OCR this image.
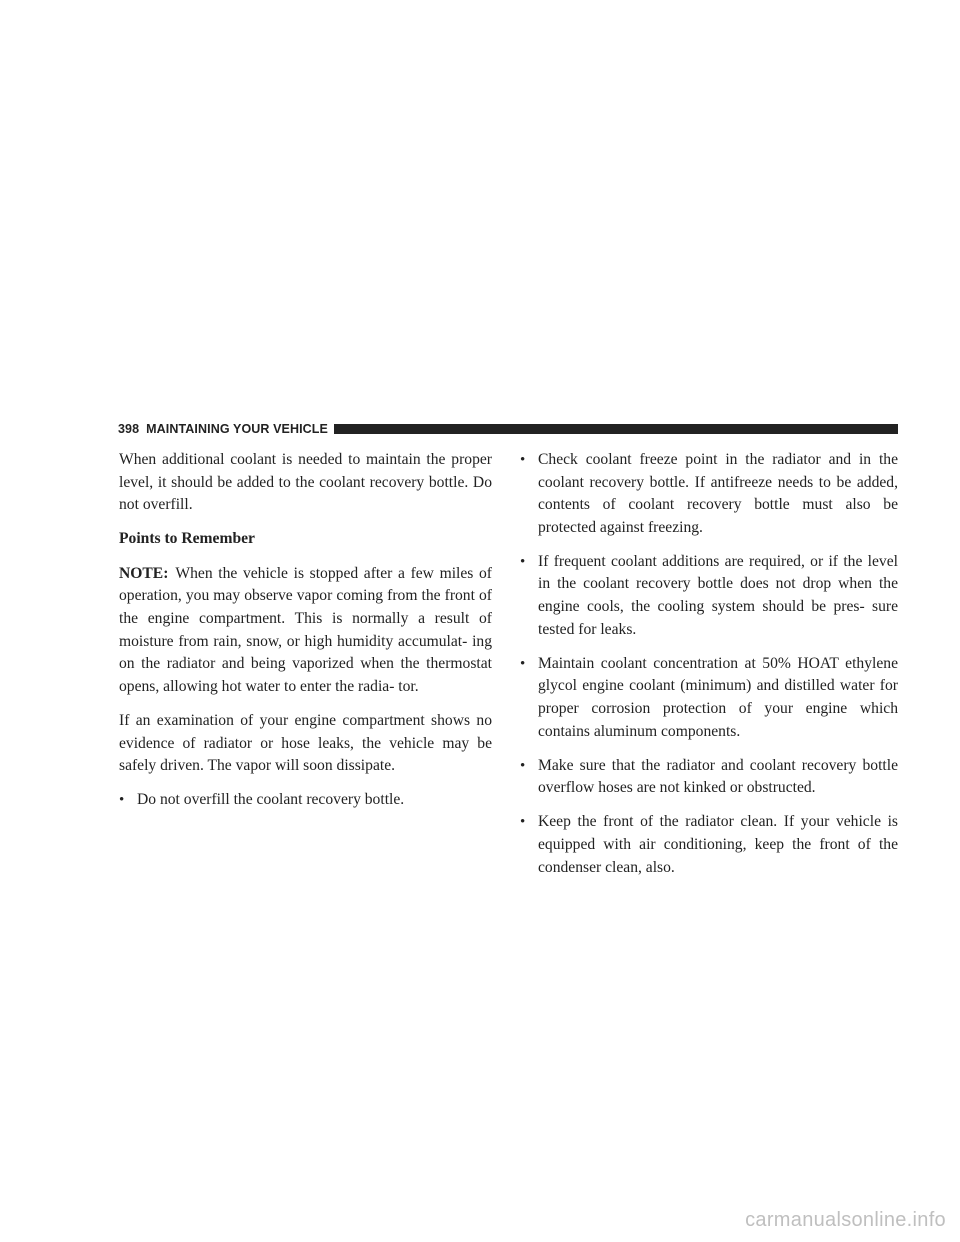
398 MAINTAINING YOUR VEHICLE

When additional coolant is needed to maintain the proper level, it should be added to the coolant recovery bottle. Do not overfill.

Points to Remember

NOTE: When the vehicle is stopped after a few miles of operation, you may observe vapor coming from the front of the engine compartment. This is normally a result of moisture from rain, snow, or high humidity accumulat- ing on the radiator and being vaporized when the thermostat opens, allowing hot water to enter the radia- tor.

If an examination of your engine compartment shows no evidence of radiator or hose leaks, the vehicle may be safely driven. The vapor will soon dissipate.

• Do not overfill the coolant recovery bottle.
• Check coolant freeze point in the radiator and in the coolant recovery bottle. If antifreeze needs to be added, contents of coolant recovery bottle must also be protected against freezing.
• If frequent coolant additions are required, or if the level in the coolant recovery bottle does not drop when the engine cools, the cooling system should be pres- sure tested for leaks.
• Maintain coolant concentration at 50% HOAT ethylene glycol engine coolant (minimum) and distilled water for proper corrosion protection of your engine which contains aluminum components.
• Make sure that the radiator and coolant recovery bottle overflow hoses are not kinked or obstructed.
• Keep the front of the radiator clean. If your vehicle is equipped with air conditioning, keep the front of the condenser clean, also.
carmanualsonline.info
